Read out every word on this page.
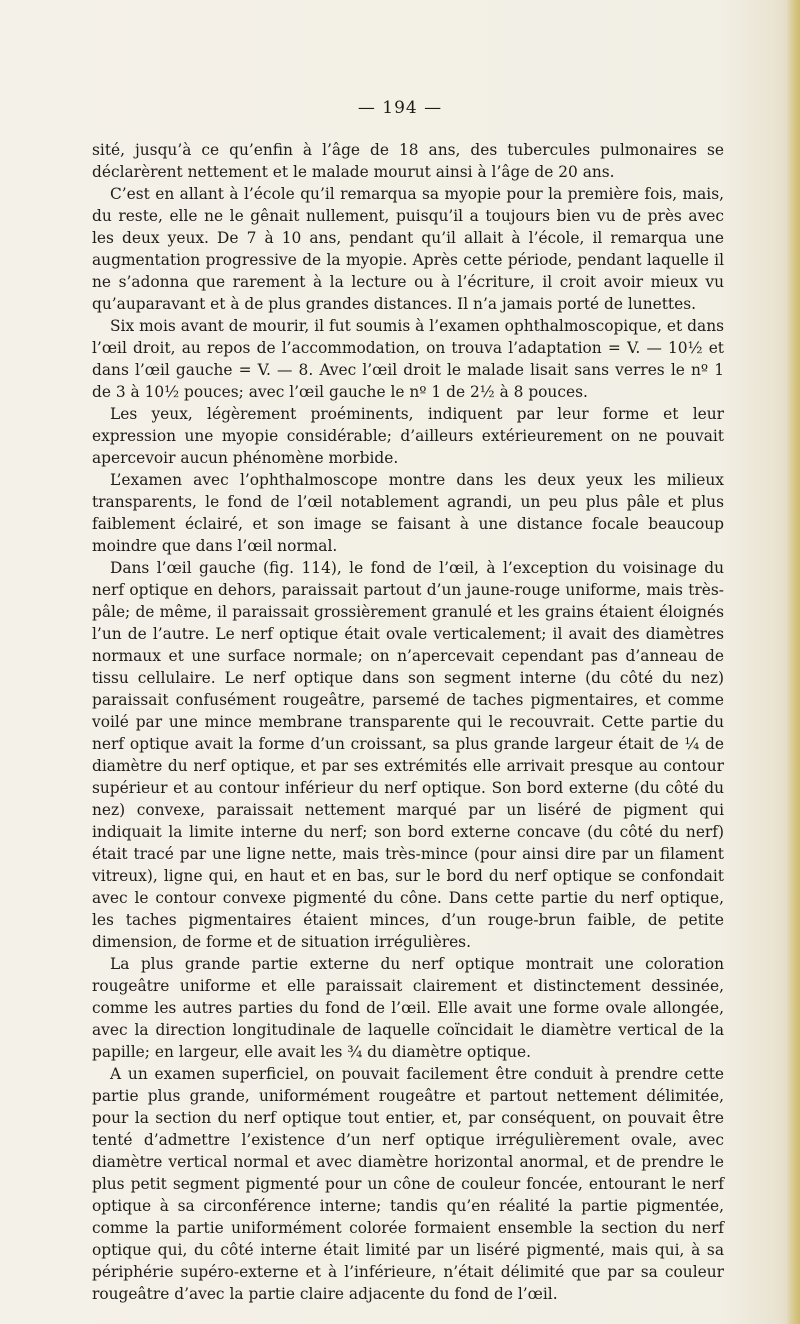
— 194 —

sité, jusqu’à ce qu’enfin à l’âge de 18 ans, des tubercules pulmonaires se déclarèrent nettement et le malade mourut ainsi à l’âge de 20 ans.

C’est en allant à l’école qu’il remarqua sa myopie pour la première fois, mais, du reste, elle ne le gênait nullement, puisqu’il a toujours bien vu de près avec les deux yeux. De 7 à 10 ans, pendant qu’il allait à l’école, il remarqua une augmentation progressive de la myopie. Après cette période, pendant laquelle il ne s’adonna que rarement à la lecture ou à l’écriture, il croit avoir mieux vu qu’auparavant et à de plus grandes distances. Il n’a jamais porté de lunettes.

Six mois avant de mourir, il fut soumis à l’examen ophthalmoscopique, et dans l’œil droit, au repos de l’accommodation, on trouva l’adaptation = V. — 10½ et dans l’œil gauche = V. — 8. Avec l’œil droit le malade lisait sans verres le nº 1 de 3 à 10½ pouces; avec l’œil gauche le nº 1 de 2½ à 8 pouces.

Les yeux, légèrement proéminents, indiquent par leur forme et leur expression une myopie considérable; d’ailleurs extérieurement on ne pouvait apercevoir aucun phénomène morbide.

L’examen avec l’ophthalmoscope montre dans les deux yeux les milieux transparents, le fond de l’œil notablement agrandi, un peu plus pâle et plus faiblement éclairé, et son image se faisant à une distance focale beaucoup moindre que dans l’œil normal.

Dans l’œil gauche (fig. 114), le fond de l’œil, à l’exception du voisinage du nerf optique en dehors, paraissait partout d’un jaune-rouge uniforme, mais très-pâle; de même, il paraissait grossièrement granulé et les grains étaient éloignés l’un de l’autre. Le nerf optique était ovale verticalement; il avait des diamètres normaux et une surface normale; on n’apercevait cependant pas d’anneau de tissu cellulaire. Le nerf optique dans son segment interne (du côté du nez) paraissait confusément rougeâtre, parsemé de taches pigmentaires, et comme voilé par une mince membrane transparente qui le recouvrait. Cette partie du nerf optique avait la forme d’un croissant, sa plus grande largeur était de ¼ de diamètre du nerf optique, et par ses extrémités elle arrivait presque au contour supérieur et au contour inférieur du nerf optique. Son bord externe (du côté du nez) convexe, paraissait nettement marqué par un liséré de pigment qui indiquait la limite interne du nerf; son bord externe concave (du côté du nerf) était tracé par une ligne nette, mais très-mince (pour ainsi dire par un filament vitreux), ligne qui, en haut et en bas, sur le bord du nerf optique se confondait avec le contour convexe pigmenté du cône. Dans cette partie du nerf optique, les taches pigmentaires étaient minces, d’un rouge-brun faible, de petite dimension, de forme et de situation irrégulières.

La plus grande partie externe du nerf optique montrait une coloration rougeâtre uniforme et elle paraissait clairement et distinctement dessinée, comme les autres parties du fond de l’œil. Elle avait une forme ovale allongée, avec la direction longitudinale de laquelle coïncidait le diamètre vertical de la papille; en largeur, elle avait les ¾ du diamètre optique.

A un examen superficiel, on pouvait facilement être conduit à prendre cette partie plus grande, uniformément rougeâtre et partout nettement délimitée, pour la section du nerf optique tout entier, et, par conséquent, on pouvait être tenté d’admettre l’existence d’un nerf optique irrégulièrement ovale, avec diamètre vertical normal et avec diamètre horizontal anormal, et de prendre le plus petit segment pigmenté pour un cône de couleur foncée, entourant le nerf optique à sa circonférence interne; tandis qu’en réalité la partie pigmentée, comme la partie uniformément colorée formaient ensemble la section du nerf optique qui, du côté interne était limité par un liséré pigmenté, mais qui, à sa périphérie supéro-externe et à l’inférieure, n’était délimité que par sa couleur rougeâtre d’avec la partie claire adjacente du fond de l’œil.
